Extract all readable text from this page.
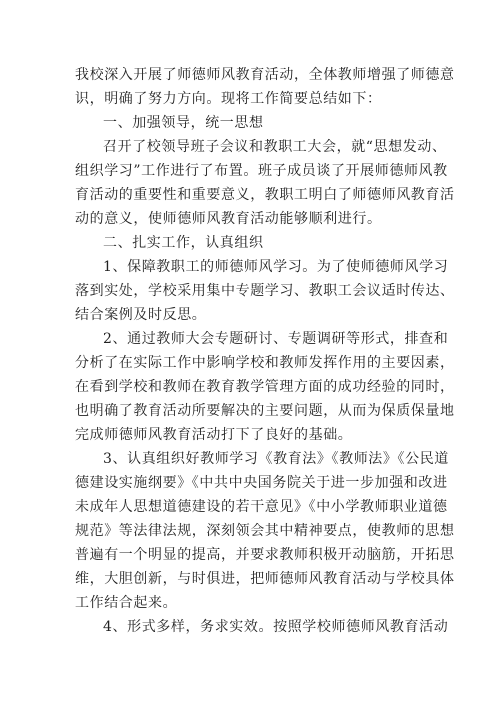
我校深入开展了师德师风教育活动，全体教师增强了师德意
识，明确了努力方向。现将工作简要总结如下：
一、加强领导，统一思想
召开了校领导班子会议和教职工大会，就“思想发动、
组织学习”工作进行了布置。班子成员谈了开展师德师风教
育活动的重要性和重要意义，教职工明白了师德师风教育活
动的意义，使师德师风教育活动能够顺利进行。
二、扎实工作，认真组织
1、保障教职工的师德师风学习。为了使师德师风学习
落到实处，学校采用集中专题学习、教职工会议适时传达、
结合案例及时反思。
2、通过教师大会专题研讨、专题调研等形式，排查和
分析了在实际工作中影响学校和教师发挥作用的主要因素，
在看到学校和教师在教育教学管理方面的成功经验的同时，
也明确了教育活动所要解决的主要问题，从而为保质保量地
完成师德师风教育活动打下了良好的基础。
3、认真组织好教师学习《教育法》《教师法》《公民道
德建设实施纲要》《中共中央国务院关于进一步加强和改进
未成年人思想道德建设的若干意见》《中小学教师职业道德
规范》等法律法规，深刻领会其中精神要点，使教师的思想
普遍有一个明显的提高，并要求教师积极开动脑筋，开拓思
维，大胆创新，与时俱进，把师德师风教育活动与学校具体
工作结合起来。
4、形式多样，务求实效。按照学校师德师风教育活动
